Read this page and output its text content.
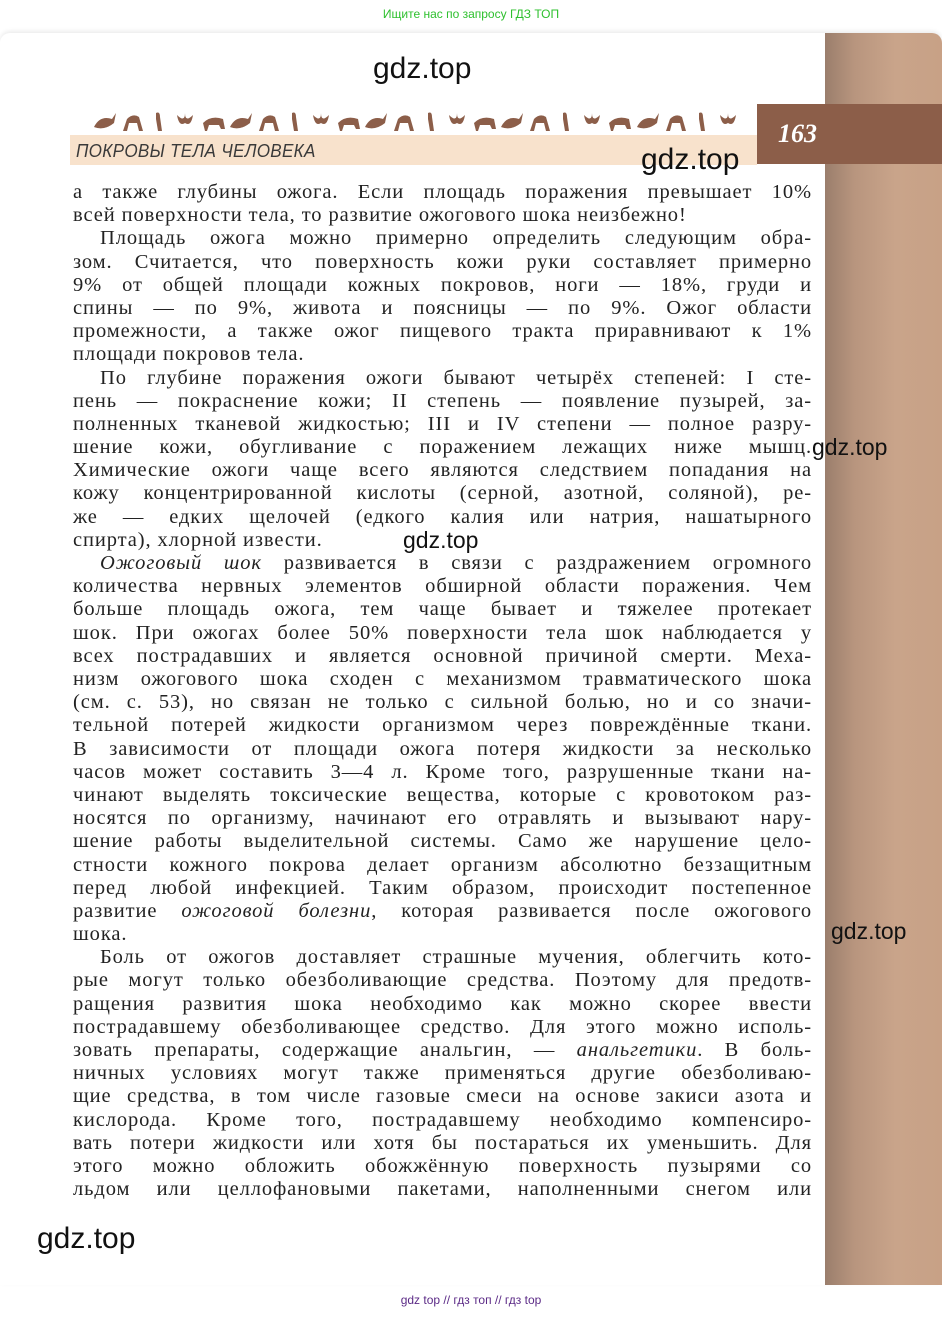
Ищите нас по запросу ГДЗ ТОП
163
ПОКРОВЫ ТЕЛА ЧЕЛОВЕКА
а также глубины ожога. Если площадь поражения превышает 10%
всей поверхности тела, то развитие ожогового шока неизбежно!
Площадь ожога можно примерно определить следующим обра-
зом. Считается, что поверхность кожи руки составляет примерно
9% от общей площади кожных покровов, ноги — 18%, груди и
спины — по 9%, живота и поясницы — по 9%. Ожог области
промежности, а также ожог пищевого тракта приравнивают к 1%
площади покровов тела.
По глубине поражения ожоги бывают четырёх степеней: I сте-
пень — покраснение кожи; II степень — появление пузырей, за-
полненных тканевой жидкостью; III и IV степени — полное разру-
шение кожи, обугливание с поражением лежащих ниже мышц.
Химические ожоги чаще всего являются следствием попадания на
кожу концентрированной кислоты (серной, азотной, соляной), ре-
же — едких щелочей (едкого калия или натрия, нашатырного
спирта), хлорной извести.
Ожоговый шок развивается в связи с раздражением огромного
количества нервных элементов обширной области поражения. Чем
больше площадь ожога, тем чаще бывает и тяжелее протекает
шок. При ожогах более 50% поверхности тела шок наблюдается у
всех пострадавших и является основной причиной смерти. Меха-
низм ожогового шока сходен с механизмом травматического шока
(см. с. 53), но связан не только с сильной болью, но и со значи-
тельной потерей жидкости организмом через повреждённые ткани.
В зависимости от площади ожога потеря жидкости за несколько
часов может составить 3—4 л. Кроме того, разрушенные ткани на-
чинают выделять токсические вещества, которые с кровотоком раз-
носятся по организму, начинают его отравлять и вызывают нару-
шение работы выделительной системы. Само же нарушение цело-
стности кожного покрова делает организм абсолютно беззащитным
перед любой инфекцией. Таким образом, происходит постепенное
развитие ожоговой болезни, которая развивается после ожогового
шока.
Боль от ожогов доставляет страшные мучения, облегчить кото-
рые могут только обезболивающие средства. Поэтому для предотв-
ращения развития шока необходимо как можно скорее ввести
пострадавшему обезболивающее средство. Для этого можно исполь-
зовать препараты, содержащие анальгин, — анальгетики. В боль-
ничных условиях могут также применяться другие обезболиваю-
щие средства, в том числе газовые смеси на основе закиси азота и
кислорода. Кроме того, пострадавшему необходимо компенсиро-
вать потери жидкости или хотя бы постараться их уменьшить. Для
этого можно обложить обожжённую поверхность пузырями со
льдом или целлофановыми пакетами, наполненными снегом или
gdz.top
gdz.top
gdz.top
gdz.top
gdz.top
gdz.top
gdz top // гдз топ // гдз top
